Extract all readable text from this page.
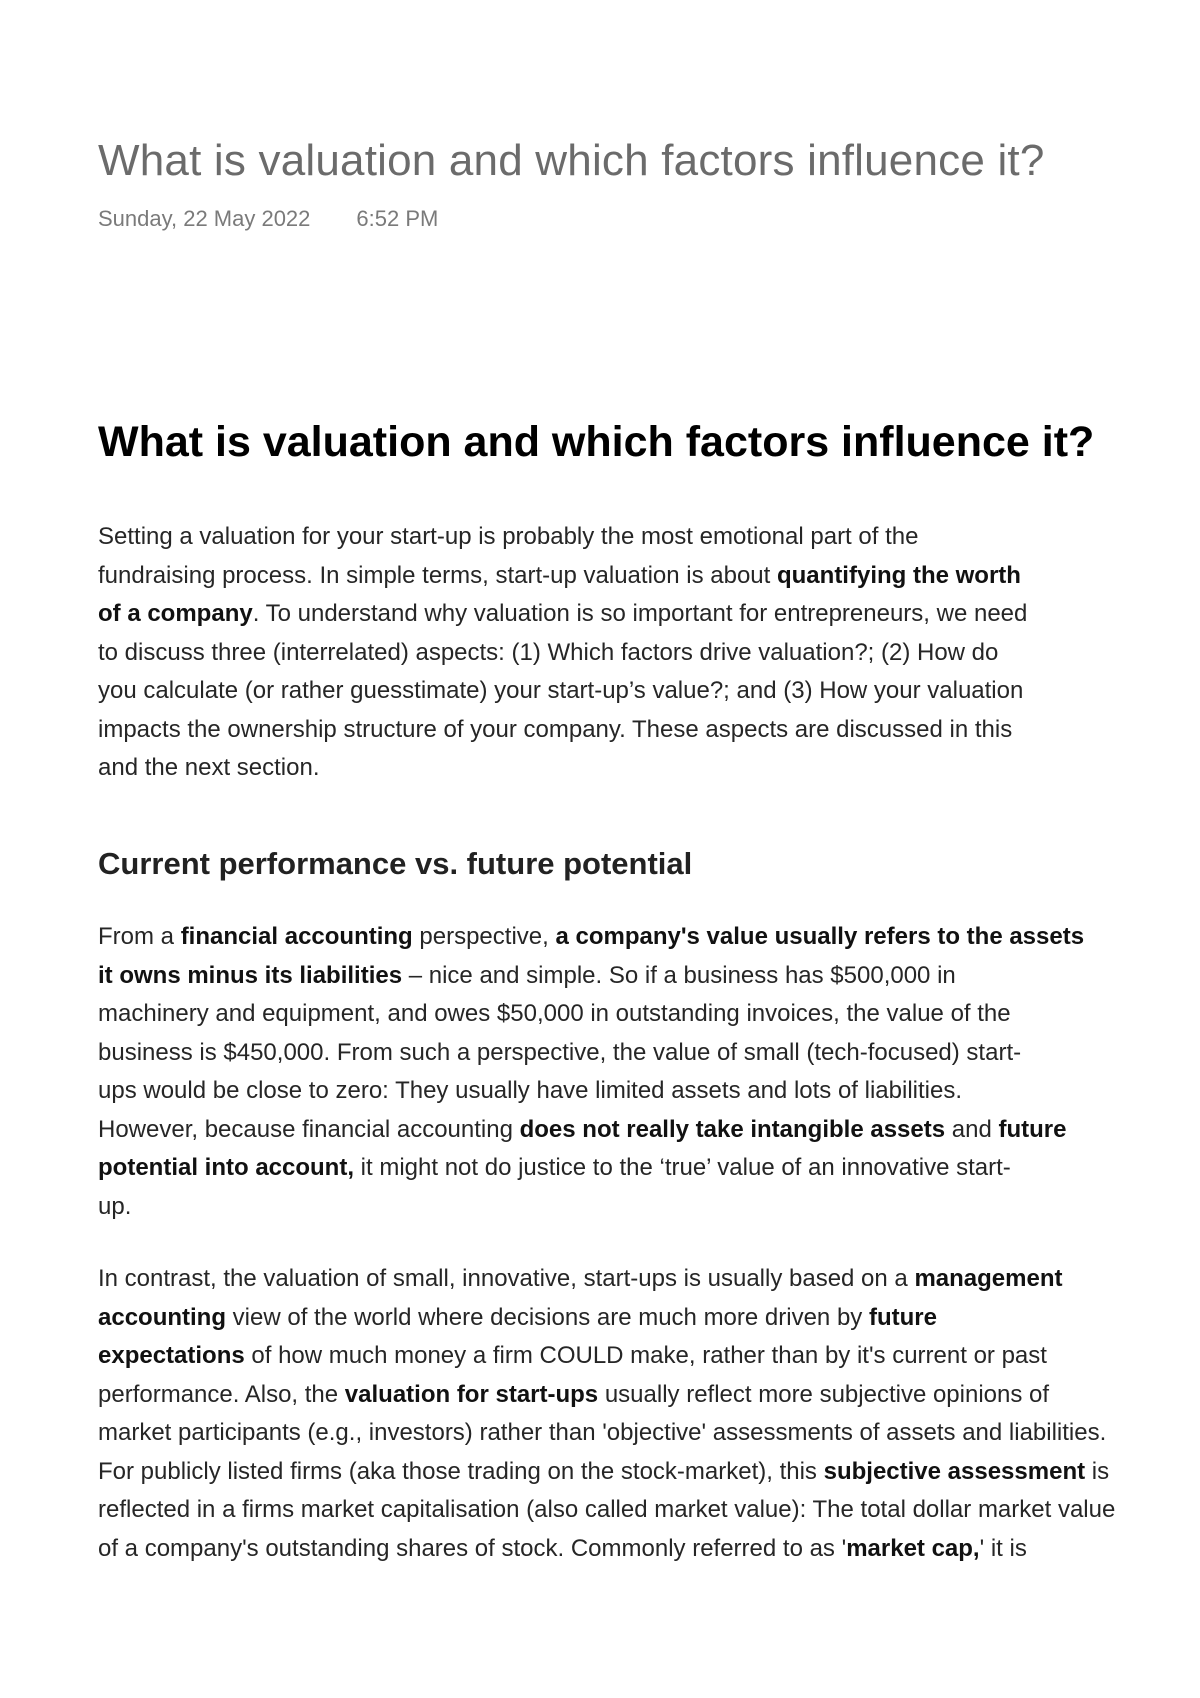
What is valuation and which factors influence it?
Sunday, 22 May 2022 6:52 PM
What is valuation and which factors influence it?
Setting a valuation for your start-up is probably the most emotional part of the
fundraising process. In simple terms, start-up valuation is about quantifying the worth
of a company. To understand why valuation is so important for entrepreneurs, we need
to discuss three (interrelated) aspects: (1) Which factors drive valuation?; (2) How do
you calculate (or rather guesstimate) your start-up’s value?; and (3) How your valuation
impacts the ownership structure of your company. These aspects are discussed in this
and the next section.
Current performance vs. future potential
From a financial accounting perspective, a company's value usually refers to the assets
it owns minus its liabilities – nice and simple. So if a business has $500,000 in
machinery and equipment, and owes $50,000 in outstanding invoices, the value of the
business is $450,000. From such a perspective, the value of small (tech-focused) start-
ups would be close to zero: They usually have limited assets and lots of liabilities.
However, because financial accounting does not really take intangible assets and future
potential into account, it might not do justice to the ‘true’ value of an innovative start-
up.
In contrast, the valuation of small, innovative, start-ups is usually based on a management
accounting view of the world where decisions are much more driven by future
expectations of how much money a firm COULD make, rather than by it's current or past
performance. Also, the valuation for start-ups usually reflect more subjective opinions of
market participants (e.g., investors) rather than 'objective' assessments of assets and liabilities.
For publicly listed firms (aka those trading on the stock-market), this subjective assessment is
reflected in a firms market capitalisation (also called market value): The total dollar market value
of a company's outstanding shares of stock. Commonly referred to as 'market cap,' it is
